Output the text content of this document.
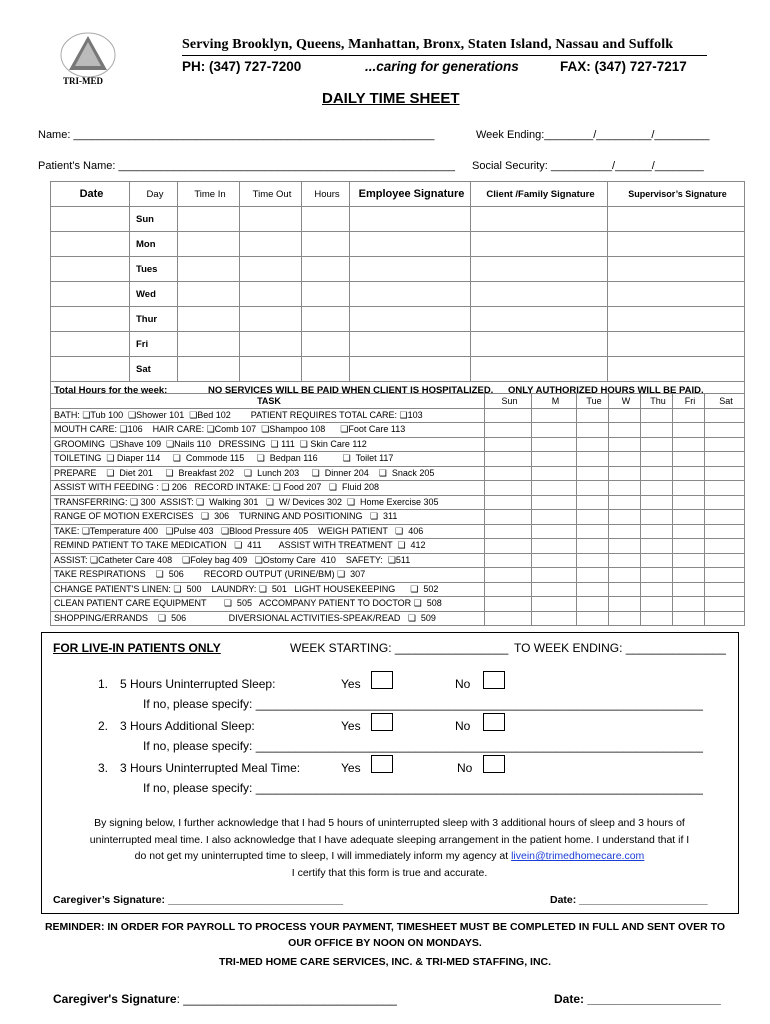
TRI-MED
Serving Brooklyn, Queens, Manhattan, Bronx, Staten Island, Nassau and Suffolk
PH: (347) 727-7200	...caring for generations	FAX: (347) 727-7217
DAILY TIME SHEET
Name: ___________________________________________________________	Week Ending:________/_________/_________
Patient’s Name: _______________________________________________________ Social Security: __________/______/________
Date	Day	Time In	Time Out	Hours	Employee Signature	Client /Family Signature	Supervisor’s Signature
	Sun						
	Mon						
	Tues						
	Wed						
	Thur						
	Fri						
	Sat						
Total Hours for the week: NO SERVICES WILL BE PAID WHEN CLIENT IS HOSPITALIZED. ONLY AUTHORIZED HOURS WILL BE PAID.							
TASK	Sun	M	Tue	W	Thu	Fri	Sat
BATH: ❏Tub 100  ❏Shower 101  ❏Bed 102        PATIENT REQUIRES TOTAL CARE: ❏103							
MOUTH CARE: ❏106    HAIR CARE: ❏Comb 107  ❏Shampoo 108      ❏Foot Care 113							
GROOMING  ❏Shave 109  ❏Nails 110   DRESSING  ❏ 111  ❏ Skin Care 112							
TOILETING  ❏ Diaper 114     ❏  Commode 115     ❏  Bedpan 116          ❏  Toilet 117							
PREPARE    ❏  Diet 201     ❏  Breakfast 202    ❏  Lunch 203     ❏  Dinner 204    ❏  Snack 205							
ASSIST WITH FEEDING : ❏ 206   RECORD INTAKE: ❏ Food 207   ❏  Fluid 208							
TRANSFERRING: ❏ 300  ASSIST: ❏  Walking 301   ❏  W/ Devices 302  ❏  Home Exercise 305							
RANGE OF MOTION EXERCISES   ❏  306    TURNING AND POSITIONING   ❏  311							
TAKE: ❏Temperature 400   ❏Pulse 403   ❏Blood Pressure 405    WEIGH PATIENT   ❏  406							
REMIND PATIENT TO TAKE MEDICATION   ❏  411       ASSIST WITH TREATMENT  ❏  412							
ASSIST: ❏Catheter Care 408    ❏Foley bag 409   ❏Ostomy Care  410    SAFETY:  ❏511							
TAKE RESPIRATIONS    ❏  506        RECORD OUTPUT (URINE/BM) ❏  307							
CHANGE PATIENT'S LINEN: ❏  500    LAUNDRY: ❏  501   LIGHT HOUSEKEEPING      ❏  502							
CLEAN PATIENT CARE EQUIPMENT       ❏  505   ACCOMPANY PATIENT TO DOCTOR ❏  508							
SHOPPING/ERRANDS    ❏  506                 DIVERSIONAL ACTIVITIES-SPEAK/READ   ❏  509							
FOR LIVE-IN PATIENTS ONLY	WEEK STARTING: _________________ TO WEEK ENDING: _______________
1. 5 Hours Uninterrupted Sleep:	Yes	No
If no, please specify: ___________________________________________________________________
2. 3 Hours Additional Sleep:	Yes	No
If no, please specify: ___________________________________________________________________
3. 3 Hours Uninterrupted Meal Time:	Yes	No
If no, please specify: ___________________________________________________________________
By signing below, I further acknowledge that I had 5 hours of uninterrupted sleep with 3 additional hours of sleep and 3 hours of
uninterrupted meal time. I also acknowledge that I have adequate sleeping arrangement in the patient home. I understand that if I
do not get my uninterrupted time to sleep, I will immediately inform my agency at livein@trimedhomecare.com
I certify that this form is true and accurate.
Caregiver’s Signature: ______________________________	Date: ______________________
REMINDER: IN ORDER FOR PAYROLL TO PROCESS YOUR PAYMENT, TIMESHEET MUST BE COMPLETED IN FULL AND SENT OVER TO
OUR OFFICE BY NOON ON MONDAYS.
TRI-MED HOME CARE SERVICES, INC. & TRI-MED STAFFING, INC.
Caregiver's Signature: ________________________________	Date: ____________________
